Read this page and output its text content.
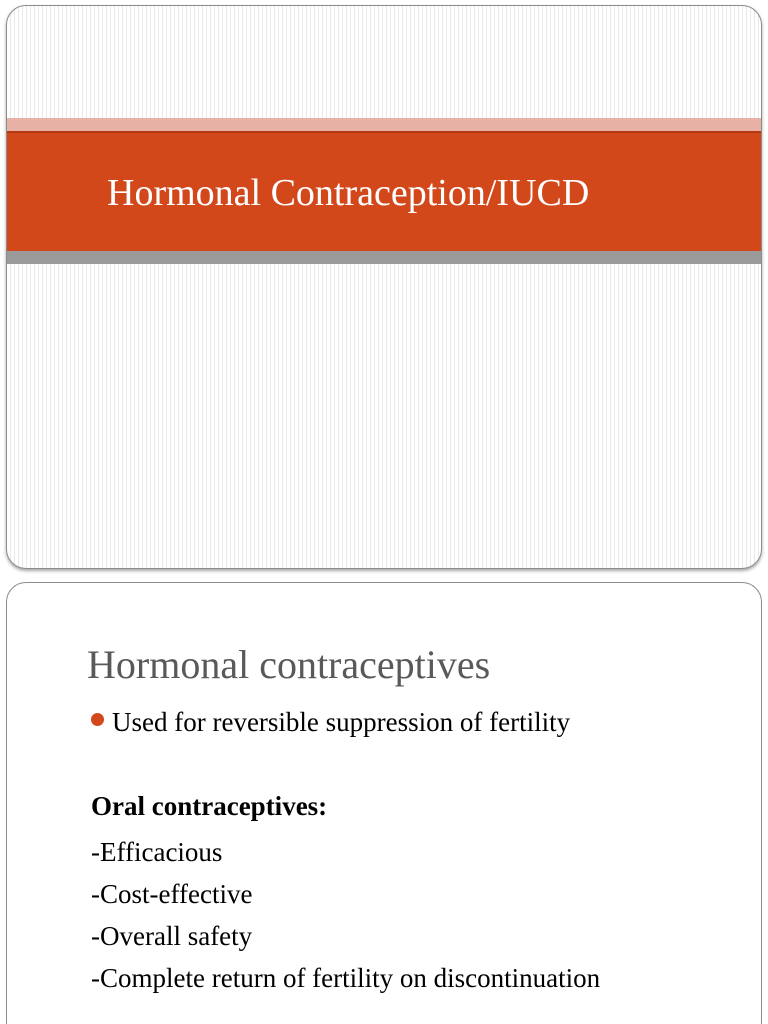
Hormonal Contraception/IUCD
Hormonal contraceptives
Used for reversible suppression of fertility

Oral contraceptives:

-Efficacious
-Cost-effective
-Overall safety
-Complete return of fertility on discontinuation
